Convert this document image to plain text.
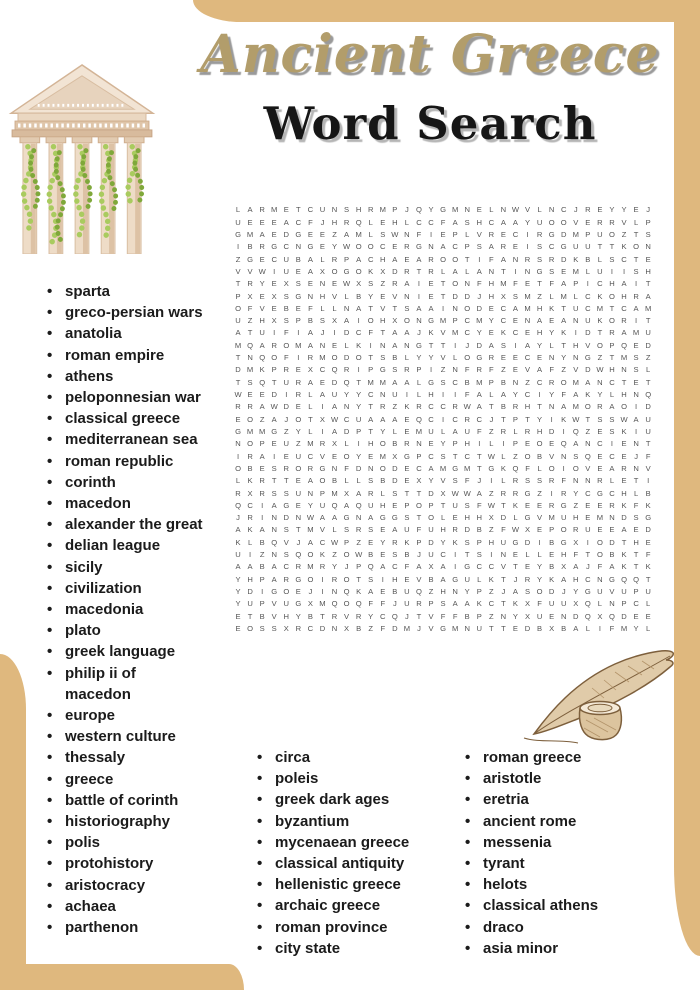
Ancient Greece
Word Search
L A R M E T C U N S H R M P	J Q Y G M N E L N W V L N C J R E Y Y E	J
U E E E A C F	J H R Q L E H L C C F A S H C A A Y U O O V E R R V L P
G M A E D G E E Z A M L S W N F	I	E P L V R E C	I	R G D M P U O Z T S
I	B R G C N G E Y W O O C E R G N A C P S A R E	I	S C G U U T T K O N
Z G E C U B A L R P A C H A E A R O O T	I	F A N R S R D K B L S C T E
V V W I	U E A X O G O K X D R T R L A L A N T	I	N G S E M L U	I	I	S H
T R Y E X S E N E W X S Z R A	I	E T O N F H M F E T F A P	I	C H A	I	T
P X E X S G N H V L B Y E V N	I	E T D D J H X S M Z	L M L C K O H R A
O F V E B E F	L	L N A T V T S A A	I	N O D E C A M H K T U C M T C A M
U Z H X S P B S X A	I	O H X O N G M P C M Y C E N A E A N U K O R	I	T
A T U	I	F	I	A	J	I	D C F T A A	J	K V M C Y E K C E H Y K	I	D T R A M U
M Q A R O M A N E L K	I	N A N G T T	I	J D A S	I	A Y L	T H V O P Q E D
T N Q O F	I	R M O D O T S B L Y Y V L O G R E E C E N Y N G Z T M S Z
D M K P R E X C Q R	I	P G S R P	I	Z N F R F Z E V A F Z V D W H N S L
T S Q T U R A E D Q T M M A A L G S C B M P B N Z C R O M A N C T E T
W E E D	I	R L A U Y Y C N U	I	L H	I	I	F A L A Y C	I	Y F A K Y L H N Q
R R A W D E L	I	A N Y T R Z K R C C R W A T B R H T N A M O R A O	I	D
E O Z A	J O T X W C U A A A E Q C	I	C R C J	T P T Y	I	K W T S S W A U
G M M G Z Y L	I	A D P T Y L E M U L A U F Z R L R H D	I	Q Z E S K	I	U
N O P E U Z M R X L	I	H O B R N E Y P H	I	L	I	P E O E Q A N C	I	E N T
I	R A	I	E U C V E O Y E M X G P C S T C T W L	Z O B V N S Q E C E	J	F
O B E S R O R G N F D N O D E C A M G M T G K Q F	L O	I	O V E A R N V
L K R T T E A O B L	L S B D E X Y V S F	J	I	L R S S R F N N R L E T	I
R X R S S U N P M X A R L S T T D X W W A Z R R G Z	I	R Y C G C H L B
Q C	I	A G E Y U Q A Q U H E P O P T U S F W T K E E R G Z E E R K F K
J R	I	N D N W A A G N A G G S T O L E H H X D L G V M U H E M N D S G
A K A N S T M V L S R S E A U F U H R D B Z F W X E P O R U E E A E D
K L B Q V	J	A C W P Z E Y R K P D Y K S P H U G D	I	B G X	I	O D T H E
U	I	Z N S Q O K Z O W B E S B	J U C	I	T S	I	N E L	L E H F T O B K T F
A A B A C R M R Y	J	P Q A C F A X A	I	G C C V T E Y B X A	J	F A K T K
Y H P A R G O	I	R O T S	I	H E V B A G U L K T	J R Y K A H C N G Q Q T
Y D	I	G O E	J	I	N Q K A E B U Q Z H N Y P Z	J	A S O D J	Y G U V U P U
Y U P V U G X M Q O Q F F	J U R P S A A K C T K X F U U X Q L N P C L
E T B V H Y B T R V R Y C Q J	T V F F B P Z N Y X U E N D Q X Q D E E
E O S S X R C D N X B Z F D M J	V G M N U T T E D B X B A L	I	F M Y L
• sparta
• greco-persian wars
• anatolia
• roman empire
• athens
• peloponnesian war
• classical greece
• mediterranean sea
• roman republic
• corinth
• macedon
• alexander the great
• delian league
• sicily
• civilization
• macedonia
• plato
• greek language
• philip ii of macedon
• europe
• western culture
• thessaly
• greece
• battle of corinth
• historiography
• polis
• protohistory
• aristocracy
• achaea
• parthenon
• circa
• poleis
• greek dark ages
• byzantium
• mycenaean greece
• classical antiquity
• hellenistic greece
• archaic greece
• roman province
• city state
• roman greece
• aristotle
• eretria
• ancient rome
• messenia
• tyrant
• helots
• classical athens
• draco
• asia minor
